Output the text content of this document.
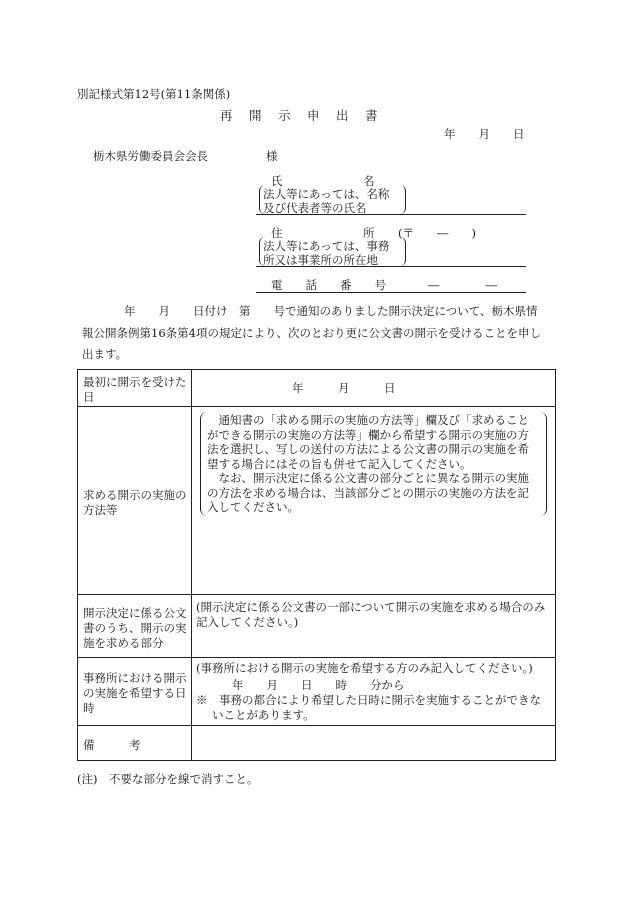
別記様式第12号(第11条関係)
再　開　示　申　出　書
年　　月　　日
栃木県労働委員会会長	様
氏　　　　　　　名
法人等にあっては、名称
及び代表者等の氏名
住　　　　　　　所 (〒　　―　　)
法人等にあっては、事務
所又は事業所の所在地
電　　話　　番　　号	―　　　　―
年　　月　　日付け　第　　号で通知のありました開示決定について、栃木県情
報公開条例第16条第4項の規定により、次のとおり更に公文書の開示を受けることを申し
出ます。
最初に開示を受けた日	年　　　月　　　日

求める開示の実施の方法等	通知書の「求める開示の実施の方法等」欄及び「求めることができる開示の実施の方法等」欄から希望する開示の実施の方法を選択し、写しの送付の方法による公文書の開示の実施を希望する場合にはその旨も併せて記入してください。
なお、開示決定に係る公文書の部分ごとに異なる開示の実施の方法を求める場合は、当該部分ごとの開示の実施の方法を記入してください。

開示決定に係る公文書のうち、開示の実施を求める部分	(開示決定に係る公文書の一部について開示の実施を求める場合のみ記入してください。)

事務所における開示の実施を希望する日時	(事務所における開示の実施を希望する方のみ記入してください。)
年　　月　　日　　時　　分から
※　事務の都合により希望した日時に開示を実施することができないことがあります。

備　　　考	
(注)　不要な部分を線で消すこと。
